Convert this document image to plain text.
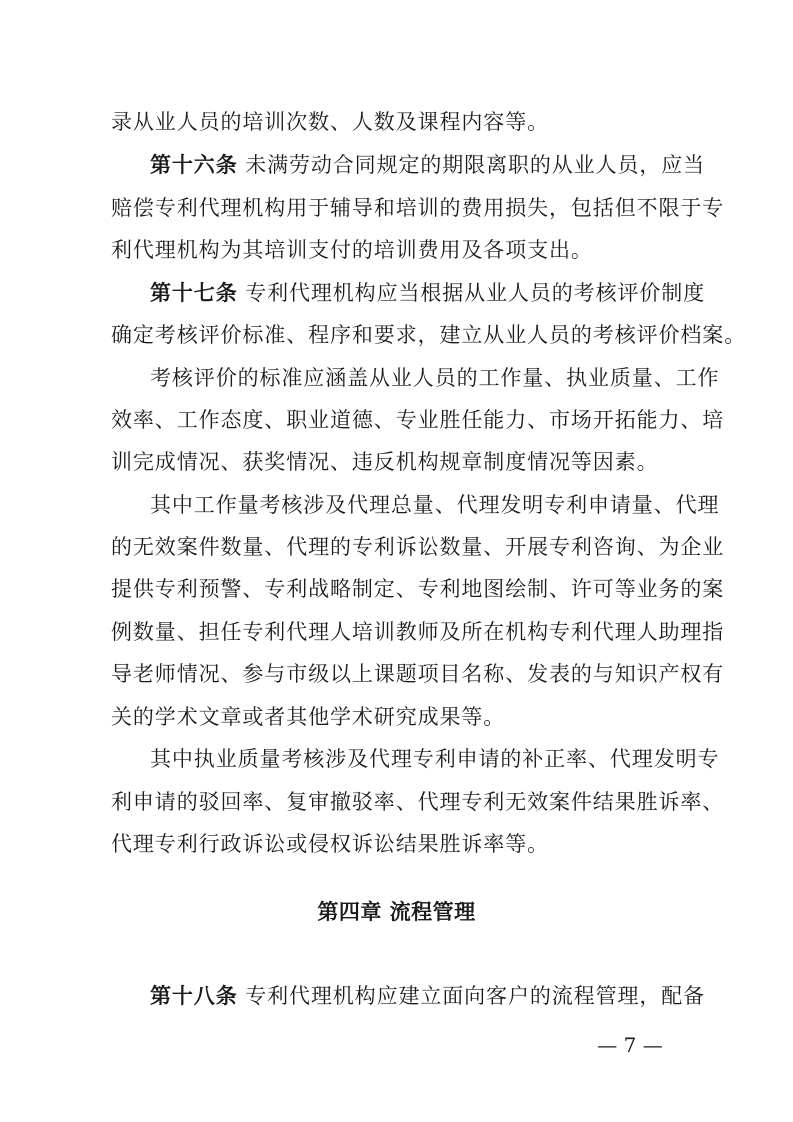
录从业人员的培训次数、人数及课程内容等。
第十六条 未满劳动合同规定的期限离职的从业人员，应当
赔偿专利代理机构用于辅导和培训的费用损失，包括但不限于专
利代理机构为其培训支付的培训费用及各项支出。
第十七条 专利代理机构应当根据从业人员的考核评价制度
确定考核评价标准、程序和要求，建立从业人员的考核评价档案。
考核评价的标准应涵盖从业人员的工作量、执业质量、工作
效率、工作态度、职业道德、专业胜任能力、市场开拓能力、培
训完成情况、获奖情况、违反机构规章制度情况等因素。
其中工作量考核涉及代理总量、代理发明专利申请量、代理
的无效案件数量、代理的专利诉讼数量、开展专利咨询、为企业
提供专利预警、专利战略制定、专利地图绘制、许可等业务的案
例数量、担任专利代理人培训教师及所在机构专利代理人助理指
导老师情况、参与市级以上课题项目名称、发表的与知识产权有
关的学术文章或者其他学术研究成果等。
其中执业质量考核涉及代理专利申请的补正率、代理发明专
利申请的驳回率、复审撤驳率、代理专利无效案件结果胜诉率、
代理专利行政诉讼或侵权诉讼结果胜诉率等。
第四章 流程管理
第十八条 专利代理机构应建立面向客户的流程管理，配备
— 7 —
